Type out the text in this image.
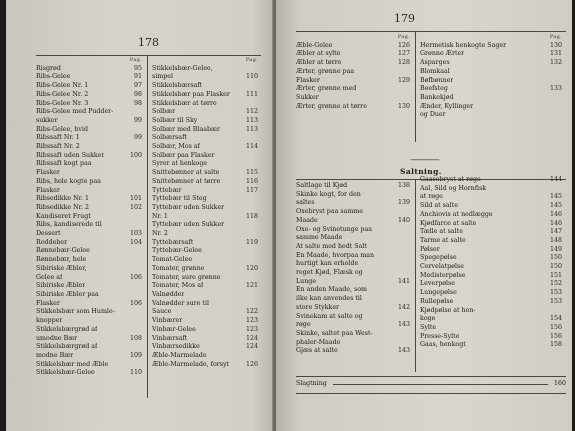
178
Pag.
Risgrød	95
Ribs-Gelee	91
Ribs-Gelee Nr. 1	97
Ribs-Gelee Nr. 2	98
Ribs-Gelee Nr. 3	98
Ribs-Gelee med Pudder-
sukker	99
Ribs-Gelee, hvid
Ribssaft Nr. 1	99
Ribssaft Nr. 2
Ribssaft uden Sukker	100
Ribssaft kogt paa
Flasker
Ribs, hele kogte paa
Flasker
Ribsedikke Nr. 1	101
Ribsedikke Nr. 2	102
Kandiseret Frugt
Ribs, kandiserede til
Dessert	103
Roddeber	104
Rønnebær-Gelee
Rønnebær, hele
Sibiriske Æbler,
Gelee af	106
Sibiriske Æbler
Sibiriske Æbler paa
Flasker	106
Stikkelsbær som Humle-
knopper
Stikkelsbærgrød af
umodne Bær	108
Stikkelsbærgrød af
modne Bær	109
Stikkelsbær med Æble
Stikkelsbær-Gelee	110
Pag.
Stikkelsbær-Gelee,
simpel	110
Stikkelsbærsaft
Stikkelsbær paa Flasker	111
Stikkelsbær at tørre
Solbær	112
Solbær til Sky	113
Solbær med Blaabær	113
Solbærsaft
Solbær, Mos af	114
Solbær paa Flasker
Syrer at henkoge
Snittebønner at salte	115
Snittebønner at tørre	116
Tyttebær	117
Tyttebær til Steg
Tyttebær uden Sukker
Nr. 1	118
Tyttebær uden Sukker
Nr. 2
Tyttebærsaft	119
Tyttebær-Gelee
Tomat-Gelee
Tomater, grønne	120
Tomater, sure grønne
Tomater, Mos af	121
Valnødder
Valnødder sure til
Sauce	122
Vinbærer	123
Vinbær-Gelee	123
Vinbærsaft	124
Vinbærsedikke	124
Æble-Marmelade
Æble-Marmelade, forsyt	126
179
Pag.
Æble-Gelee	126
Æbler at sylte	127
Æbler at tørre	128
Ærter, grønne paa
Flasker	129
Ærter, grønne med
Sukker
Ærter, grønne at tørre	130
Pag.
Hermetisk henkogte Sager	130
Grønne Ærter	131
Asparges	132
Blomkaal
Bøfbønner
Beefsteg	133
Bankekjød
Ænder, Kyllinger
og Duer
⸻
Saltning.
Saltlage til Kjød	138
Skinke kogt, for den
saltes	139
Oxebryst paa samme
Maade	140
Oxe- og Svinetunge paa
samme Maade
At salte med hedt Salt
En Maade, hvorpaa man
hurtigt kan erholde
reget Kjød, Flæsk og
Lunge	141
En anden Maade, som
ilke kan anvendes til
store Stykker	142
Svinekam at salte og
røge	143
Skinke, saltet paa West-
phaler-Maade
Gjæs at salte	143
Gaasebryst at røge	144
Aal, Sild og Hornfisk
at røge	145
Sild at salte	145
Anchiovis at nedlægge	146
Kjødfarce at salte	146
Tælle at salte	147
Tarme at salte	148
Pølser	149
Spegepølse	150
Cervelatpølse	150
Medisterpølse	151
Leverpølse	152
Lungepølse	153
Rullepølse	153
Kjødpølse at hen-
koge	154
Sylte	156
Presse-Sylte	156
Gaas, henkogt	158
Slagtning	160
